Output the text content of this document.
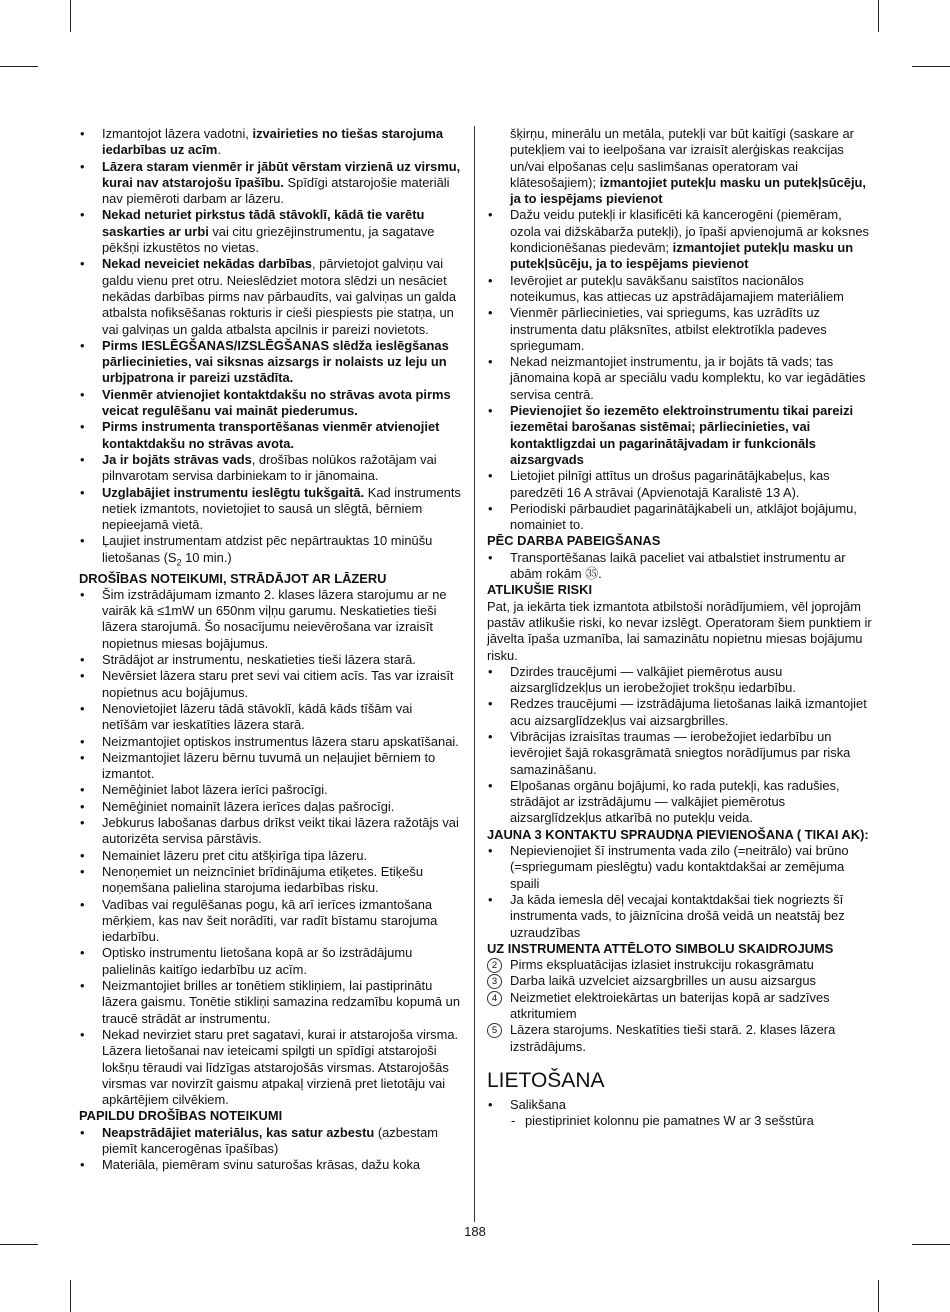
• Izmantojot lāzera vadotni, izvairieties no tiešas starojuma iedarbības uz acīm.

• Lāzera staram vienmēr ir jābūt vērstam virzienā uz virsmu, kurai nav atstarojošu īpašību. Spīdīgi atstarojošie materiāli nav piemēroti darbam ar lāzeru.

• Nekad neturiet pirkstus tādā stāvoklī, kādā tie varētu saskarties ar urbi vai citu griezējinstrumentu, ja sagatave pēkšņi izkustētos no vietas.

• Nekad neveiciet nekādas darbības, pārvietojot galviņu vai galdu vienu pret otru. Neieslēdziet motora slēdzi un nesāciet nekādas darbības pirms nav pārbaudīts, vai galviņas un galda atbalsta nofiksēšanas rokturis ir cieši piespiests pie statņa, un vai galviņas un galda atbalsta apcilnis ir pareizi novietots.

• Pirms IESLĒGŠANAS/IZSLĒGŠANAS slēdža ieslēgšanas pārliecinieties, vai siksnas aizsargs ir nolaists uz leju un urbjpatrona ir pareizi uzstādīta.

• Vienmēr atvienojiet kontaktdakšu no strāvas avota pirms veicat regulēšanu vai maināt piederumus.

• Pirms instrumenta transportēšanas vienmēr atvienojiet kontaktdakšu no strāvas avota.

• Ja ir bojāts strāvas vads, drošības nolūkos ražotājam vai pilnvarotam servisa darbiniekam to ir jānomaina.

• Uzglabājiet instrumentu ieslēgtu tukšgaitā. Kad instruments netiek izmantots, novietojiet to sausā un slēgtā, bērniem nepieejamā vietā.

• Ļaujiet instrumentam atdzist pēc nepārtrauktas 10 minūšu lietošanas ($S_2$ 10 min.)

DROŠĪBAS NOTEIKUMI, STRĀDĀJOT AR LĀZERU

• Šim izstrādājumam izmanto 2. klases lāzera starojumu ar ne vairāk kā ≤1mW un 650nm viļņu garumu. Neskatieties tieši lāzera starojumā. Šo nosacījumu neievērošana var izraisīt nopietnus miesas bojājumus.

• Strādājot ar instrumentu, neskatieties tieši lāzera starā.

• Nevērsiet lāzera staru pret sevi vai citiem acīs. Tas var izraisīt nopietnus acu bojājumus.

• Nenovietojiet lāzeru tādā stāvoklī, kādā kāds tīšām vai netīšām var ieskatīties lāzera starā.

• Neizmantojiet optiskos instrumentus lāzera staru apskatīšanai.

• Neizmantojiet lāzeru bērnu tuvumā un neļaujiet bērniem to izmantot.

• Nemēģiniet labot lāzera ierīci pašrocīgi.

• Nemēģiniet nomainīt lāzera ierīces daļas pašrocīgi.

• Jebkurus labošanas darbus drīkst veikt tikai lāzera ražotājs vai autorizēta servisa pārstāvis.

• Nemainiet lāzeru pret citu atšķirīga tipa lāzeru.

• Nenoņemiet un neizncīniet brīdinājuma etiķetes. Etiķešu noņemšana palielina starojuma iedarbības risku.

• Vadības vai regulēšanas pogu, kā arī ierīces izmantošana mērķiem, kas nav šeit norādīti, var radīt bīstamu starojuma iedarbību.

• Optisko instrumentu lietošana kopā ar šo izstrādājumu palielinās kaitīgo iedarbību uz acīm.

• Neizmantojiet brilles ar tonētiem stikliņiem, lai pastiprinātu lāzera gaismu. Tonētie stikliņi samazina redzamību kopumā un traucē strādāt ar instrumentu.

• Nekad nevirziet staru pret sagatavi, kurai ir atstarojoša virsma. Lāzera lietošanai nav ieteicami spilgti un spīdīgi atstarojoši lokšņu tēraudi vai līdzīgas atstarojošās virsmas. Atstarojošās virsmas var novirzīt gaismu atpakaļ virzienā pret lietotāju vai apkārtējiem cilvēkiem.

PAPILDU DROŠĪBAS NOTEIKUMI

• Neapstrādājiet materiālus, kas satur azbestu (azbestam piemīt kancerogēnas īpašības)

• Materiāla, piemēram svinu saturošas krāsas, dažu koka

šķirņu, minerālu un metāla, putekļi var būt kaitīgi (saskare ar putekļiem vai to ieelpošana var izraisīt alerģiskas reakcijas un/vai elpošanas ceļu saslimšanas operatoram vai klātesošajiem); izmantojiet putekļu masku un putekļsūcēju, ja to iespējams pievienot

• Dažu veidu putekļi ir klasificēti kā kancerogēni (piemēram, ozola vai dižskābarža putekļi), jo īpaši apvienojumā ar koksnes kondicionēšanas piedevām; izmantojiet putekļu masku un putekļsūcēju, ja to iespējams pievienot

• Ievērojiet ar putekļu savākšanu saistītos nacionālos noteikumus, kas attiecas uz apstrādājamajiem materiāliem

• Vienmēr pārliecinieties, vai spriegums, kas uzrādīts uz instrumenta datu plāksnītes, atbilst elektrotīkla padeves spriegumam.

• Nekad neizmantojiet instrumentu, ja ir bojāts tā vads; tas jānomaina kopā ar speciālu vadu komplektu, ko var iegādāties servisa centrā.

• Pievienojiet šo iezemēto elektroinstrumentu tikai pareizi iezemētai barošanas sistēmai; pārliecinieties, vai kontaktligzdai un pagarinātājvadam ir funkcionāls aizsargvads

• Lietojiet pilnīgi attītus un drošus pagarinātājkabeļus, kas paredzēti 16 A strāvai (Apvienotajā Karalistē 13 A).

• Periodiski pārbaudiet pagarinātājkabeli un, atklājot bojājumu, nomainiet to.

PĒC DARBA PABEIGŠANAS

• Transportēšanas laikā paceliet vai atbalstiet instrumentu ar abām rokām ㉟.

ATLIKUŠIE RISKI

Pat, ja iekārta tiek izmantota atbilstoši norādījumiem, vēl joprojām pastāv atlikušie riski, ko nevar izslēgt. Operatoram šiem punktiem ir jāvelta īpaša uzmanība, lai samazinātu nopietnu miesas bojājumu risku.

• Dzirdes traucējumi — valkājiet piemērotus ausu aizsarglīdzekļus un ierobežojiet trokšņu iedarbību.

• Redzes traucējumi — izstrādājuma lietošanas laikā izmantojiet acu aizsarglīdzekļus vai aizsargbrilles.

• Vibrācijas izraisītas traumas — ierobežojiet iedarbību un ievērojiet šajā rokasgrāmatā sniegtos norādījumus par riska samazināšanu.

• Elpošanas orgānu bojājumi, ko rada putekļi, kas radušies, strādājot ar izstrādājumu — valkājiet piemērotus aizsarglīdzekļus atkarībā no putekļu veida.

JAUNA 3 KONTAKTU SPRAUDŅA PIEVIENOŠANA ( TIKAI AK):

• Nepievienojiet šī instrumenta vada zilo (=neitrālo) vai brūno (=spriegumam pieslēgtu) vadu kontaktdakšai ar zemējuma spaili

• Ja kāda iemesla dēļ vecajai kontaktdakšai tiek nogriezts šī instrumenta vads, to jāiznīcina drošā veidā un neatstāj bez uzraudzības

UZ INSTRUMENTA ATTĒLOTO SIMBOLU SKAIDROJUMS

2 Pirms ekspluatācijas izlasiet instrukciju rokasgrāmatu

3 Darba laikā uzvelciet aizsargbrilles un ausu aizsargus

4 Neizmetiet elektroiekārtas un baterijas kopā ar sadzīves atkritumiem

5 Lāzera starojums. Neskatīties tieši starā. 2. klases lāzera izstrādājums.

LIETOŠANA

• Salikšana

- piestipriniet kolonnu pie pamatnes W ar 3 sešstūra

188
